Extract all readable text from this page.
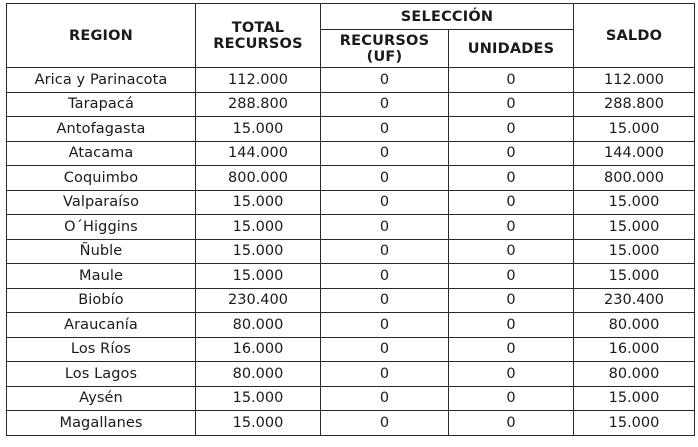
REGION	TOTAL RECURSOS	SELECCIÓN		SALDO
		RECURSOS (UF)	UNIDADES	
Arica y Parinacota	112.000	0	0	112.000
Tarapacá	288.800	0	0	288.800
Antofagasta	15.000	0	0	15.000
Atacama	144.000	0	0	144.000
Coquimbo	800.000	0	0	800.000
Valparaíso	15.000	0	0	15.000
O´Higgins	15.000	0	0	15.000
Ñuble	15.000	0	0	15.000
Maule	15.000	0	0	15.000
Biobío	230.400	0	0	230.400
Araucanía	80.000	0	0	80.000
Los Ríos	16.000	0	0	16.000
Los Lagos	80.000	0	0	80.000
Aysén	15.000	0	0	15.000
Magallanes	15.000	0	0	15.000
